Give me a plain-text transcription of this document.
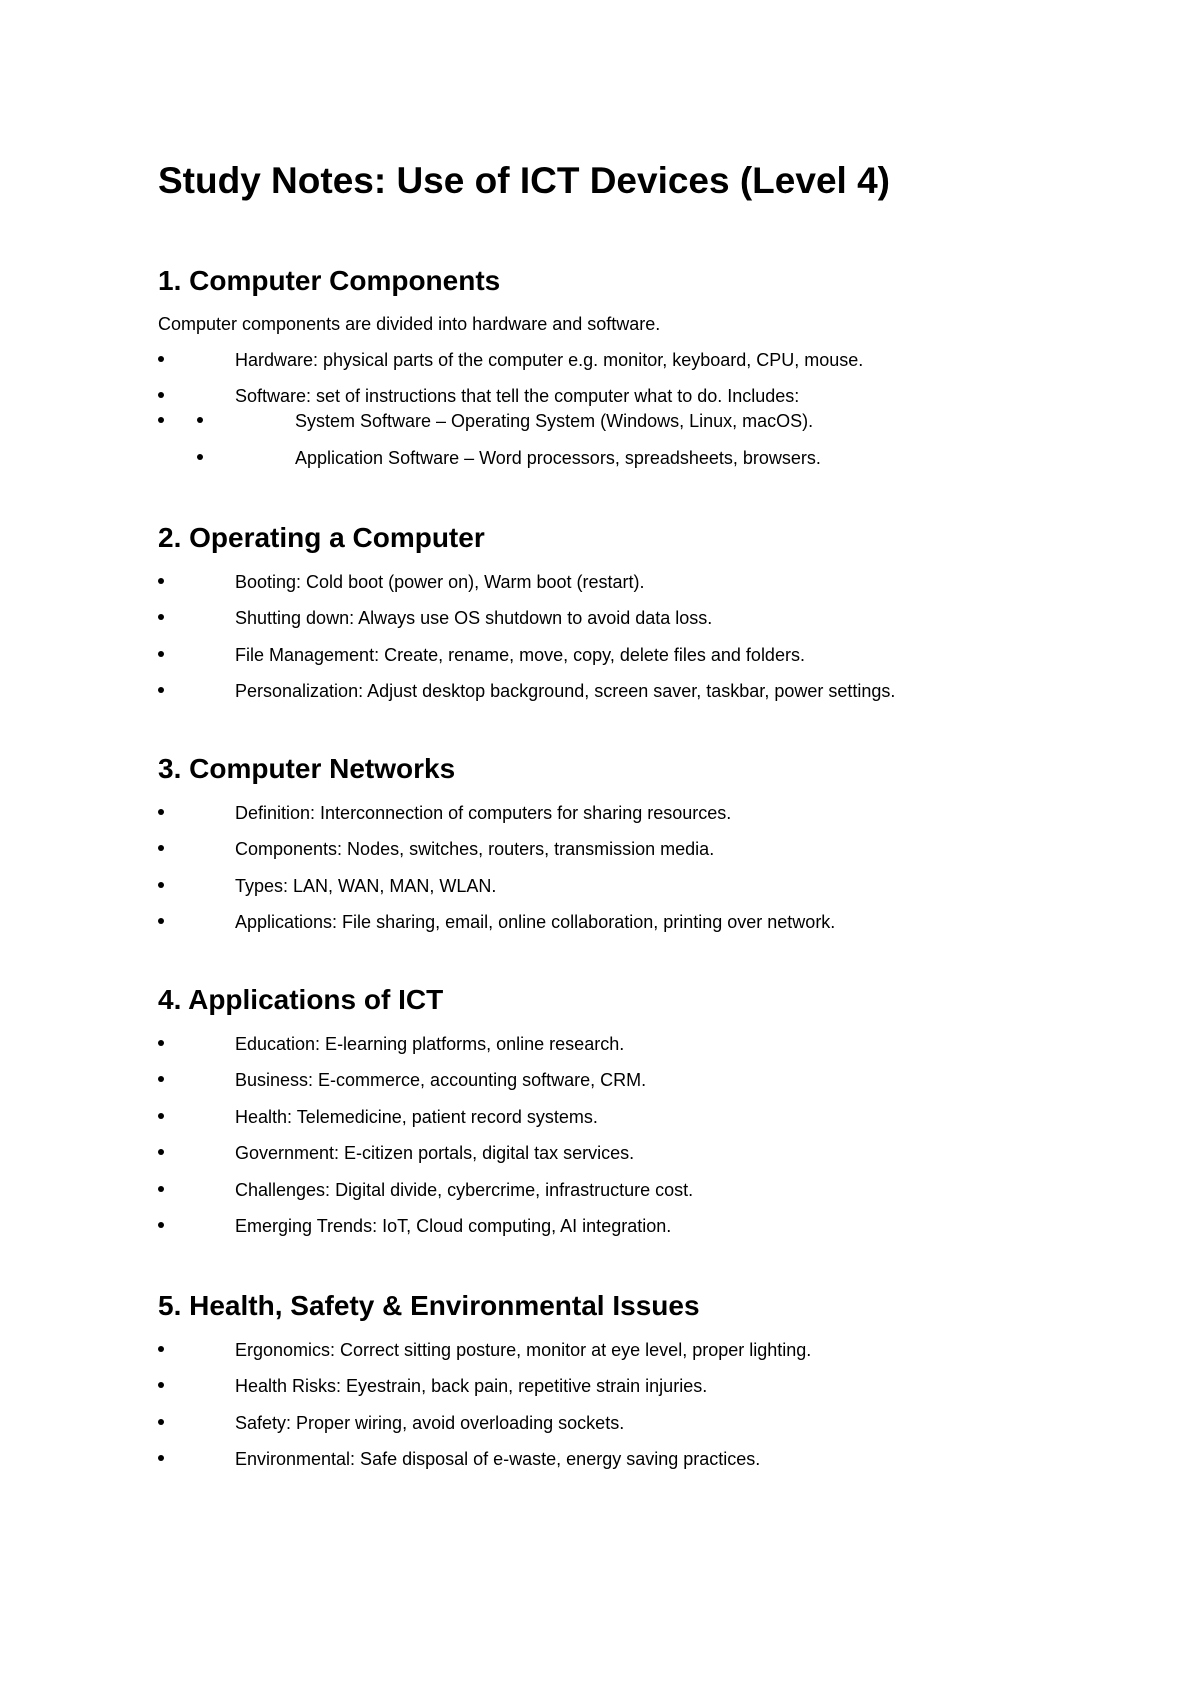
Study Notes: Use of ICT Devices (Level 4)
1. Computer Components

Computer components are divided into hardware and software.

Hardware: physical parts of the computer e.g. monitor, keyboard, CPU, mouse.
Software: set of instructions that tell the computer what to do. Includes:
System Software – Operating System (Windows, Linux, macOS).
Application Software – Word processors, spreadsheets, browsers.
2. Operating a Computer
Booting: Cold boot (power on), Warm boot (restart).
Shutting down: Always use OS shutdown to avoid data loss.
File Management: Create, rename, move, copy, delete files and folders.
Personalization: Adjust desktop background, screen saver, taskbar, power settings.
3. Computer Networks
Definition: Interconnection of computers for sharing resources.
Components: Nodes, switches, routers, transmission media.
Types: LAN, WAN, MAN, WLAN.
Applications: File sharing, email, online collaboration, printing over network.
4. Applications of ICT
Education: E-learning platforms, online research.
Business: E-commerce, accounting software, CRM.
Health: Telemedicine, patient record systems.
Government: E-citizen portals, digital tax services.
Challenges: Digital divide, cybercrime, infrastructure cost.
Emerging Trends: IoT, Cloud computing, AI integration.
5. Health, Safety & Environmental Issues
Ergonomics: Correct sitting posture, monitor at eye level, proper lighting.
Health Risks: Eyestrain, back pain, repetitive strain injuries.
Safety: Proper wiring, avoid overloading sockets.
Environmental: Safe disposal of e-waste, energy saving practices.
